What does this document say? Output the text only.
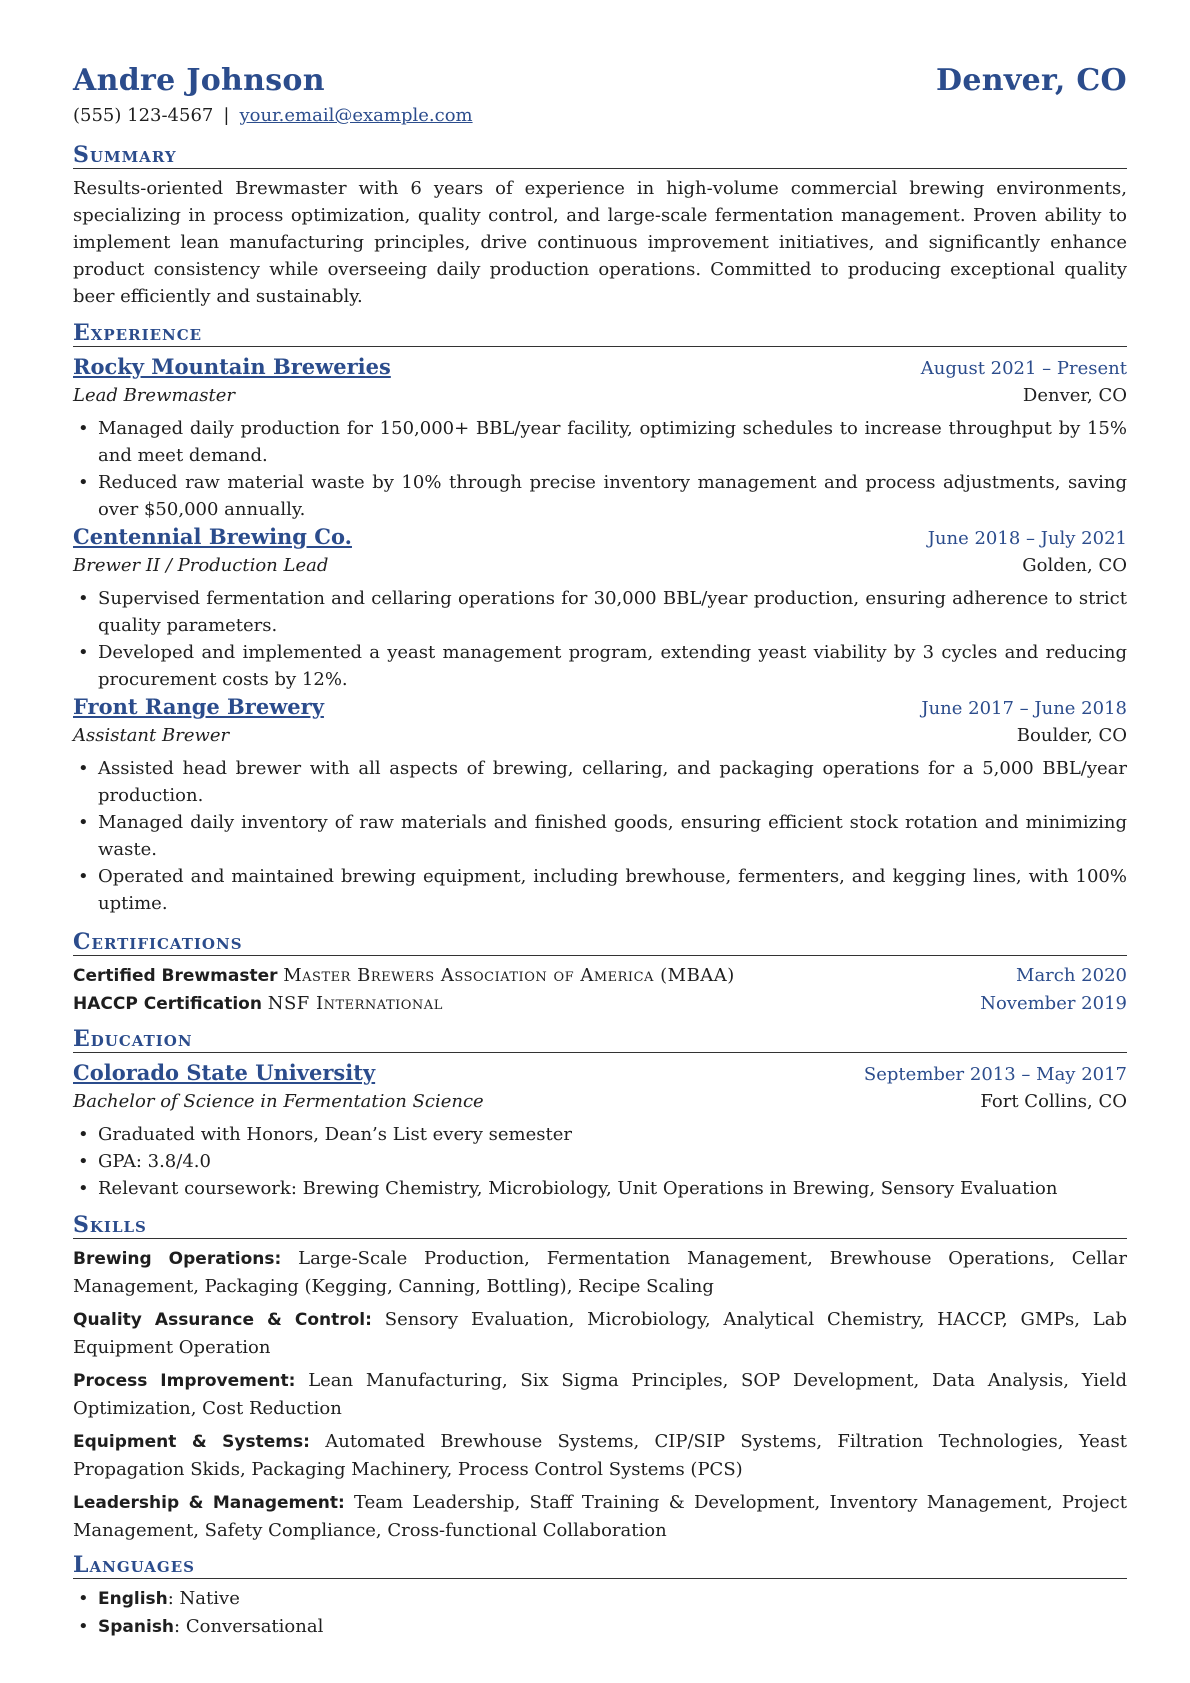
Andre Johnson	Denver, CO
(555) 123-4567 | your.email@example.com
Summary

Results-oriented Brewmaster with 6 years of experience in high-volume commercial brewing environments, specializing in process optimization, quality control, and large-scale fermentation management. Proven ability to implement lean manufacturing principles, drive continuous improvement initiatives, and significantly enhance product consistency while overseeing daily production operations. Committed to producing exceptional quality beer efficiently and sustainably.

Experience
Rocky Mountain Breweries	August 2021 – Present
Lead Brewmaster	Denver, CO
• Managed daily production for 150,000+ BBL/year facility, optimizing schedules to increase throughput by 15% and meet demand.
• Reduced raw material waste by 10% through precise inventory management and process adjustments, saving over $50,000 annually.
Centennial Brewing Co.	June 2018 – July 2021
Brewer II / Production Lead	Golden, CO
• Supervised fermentation and cellaring operations for 30,000 BBL/year production, ensuring adherence to strict quality parameters.
• Developed and implemented a yeast management program, extending yeast viability by 3 cycles and reducing procurement costs by 12%.
Front Range Brewery	June 2017 – June 2018
Assistant Brewer	Boulder, CO
• Assisted head brewer with all aspects of brewing, cellaring, and packaging operations for a 5,000 BBL/year production.
• Managed daily inventory of raw materials and finished goods, ensuring efficient stock rotation and minimizing waste.
• Operated and maintained brewing equipment, including brewhouse, fermenters, and kegging lines, with 100% uptime.
Certifications
Certified Brewmaster Master Brewers Association of America (MBAA)	March 2020
HACCP Certification NSF International	November 2019
Education
Colorado State University	September 2013 – May 2017
Bachelor of Science in Fermentation Science	Fort Collins, CO
• Graduated with Honors, Dean’s List every semester
• GPA: 3.8/4.0
• Relevant coursework: Brewing Chemistry, Microbiology, Unit Operations in Brewing, Sensory Evaluation
Skills
Brewing Operations: Large-Scale Production, Fermentation Management, Brewhouse Operations, Cellar Management, Packaging (Kegging, Canning, Bottling), Recipe Scaling
Quality Assurance & Control: Sensory Evaluation, Microbiology, Analytical Chemistry, HACCP, GMPs, Lab Equipment Operation
Process Improvement: Lean Manufacturing, Six Sigma Principles, SOP Development, Data Analysis, Yield Optimization, Cost Reduction
Equipment & Systems: Automated Brewhouse Systems, CIP/SIP Systems, Filtration Technologies, Yeast Propagation Skids, Packaging Machinery, Process Control Systems (PCS)
Leadership & Management: Team Leadership, Staff Training & Development, Inventory Management, Project Management, Safety Compliance, Cross-functional Collaboration
Languages
• English: Native
• Spanish: Conversational
